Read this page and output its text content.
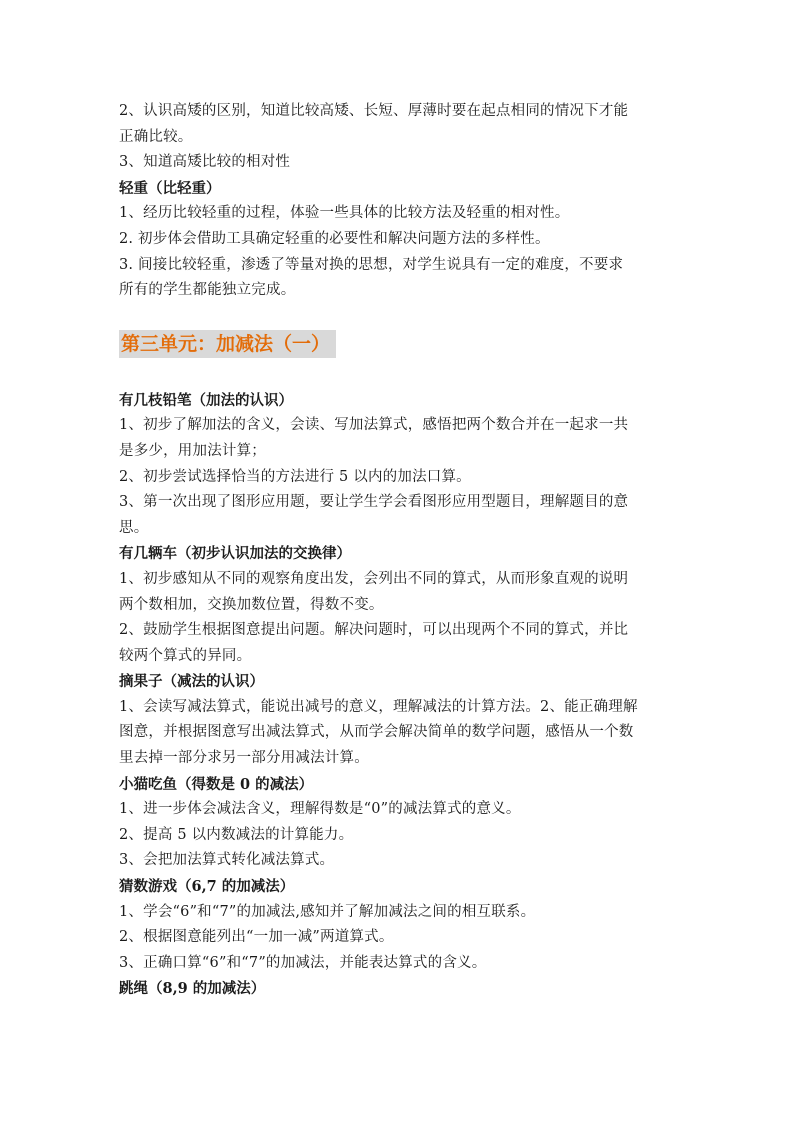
2、认识高矮的区别，知道比较高矮、长短、厚薄时要在起点相同的情况下才能
正确比较。
3、知道高矮比较的相对性
轻重（比轻重）
1、经历比较轻重的过程，体验一些具体的比较方法及轻重的相对性。
2. 初步体会借助工具确定轻重的必要性和解决问题方法的多样性。
3. 间接比较轻重，渗透了等量对换的思想，对学生说具有一定的难度，不要求
所有的学生都能独立完成。
第三单元：加减法（一）
有几枝铅笔（加法的认识）
1、初步了解加法的含义，会读、写加法算式，感悟把两个数合并在一起求一共
是多少，用加法计算；
2、初步尝试选择恰当的方法进行 5 以内的加法口算。
3、第一次出现了图形应用题，要让学生学会看图形应用型题目，理解题目的意
思。
有几辆车（初步认识加法的交换律）
1、初步感知从不同的观察角度出发，会列出不同的算式，从而形象直观的说明
两个数相加，交换加数位置，得数不变。
2、鼓励学生根据图意提出问题。解决问题时，可以出现两个不同的算式，并比
较两个算式的异同。
摘果子（减法的认识）
1、会读写减法算式，能说出减号的意义，理解减法的计算方法。2、能正确理解
图意，并根据图意写出减法算式，从而学会解决简单的数学问题，感悟从一个数
里去掉一部分求另一部分用减法计算。
小猫吃鱼（得数是 0 的减法）
1、进一步体会减法含义，理解得数是“0”的减法算式的意义。
2、提高 5 以内数减法的计算能力。
3、会把加法算式转化减法算式。
猜数游戏（6,7 的加减法）
1、学会“6”和“7”的加减法,感知并了解加减法之间的相互联系。
2、根据图意能列出“一加一减”两道算式。
3、正确口算“6”和“7”的加减法，并能表达算式的含义。
跳绳（8,9 的加减法）
